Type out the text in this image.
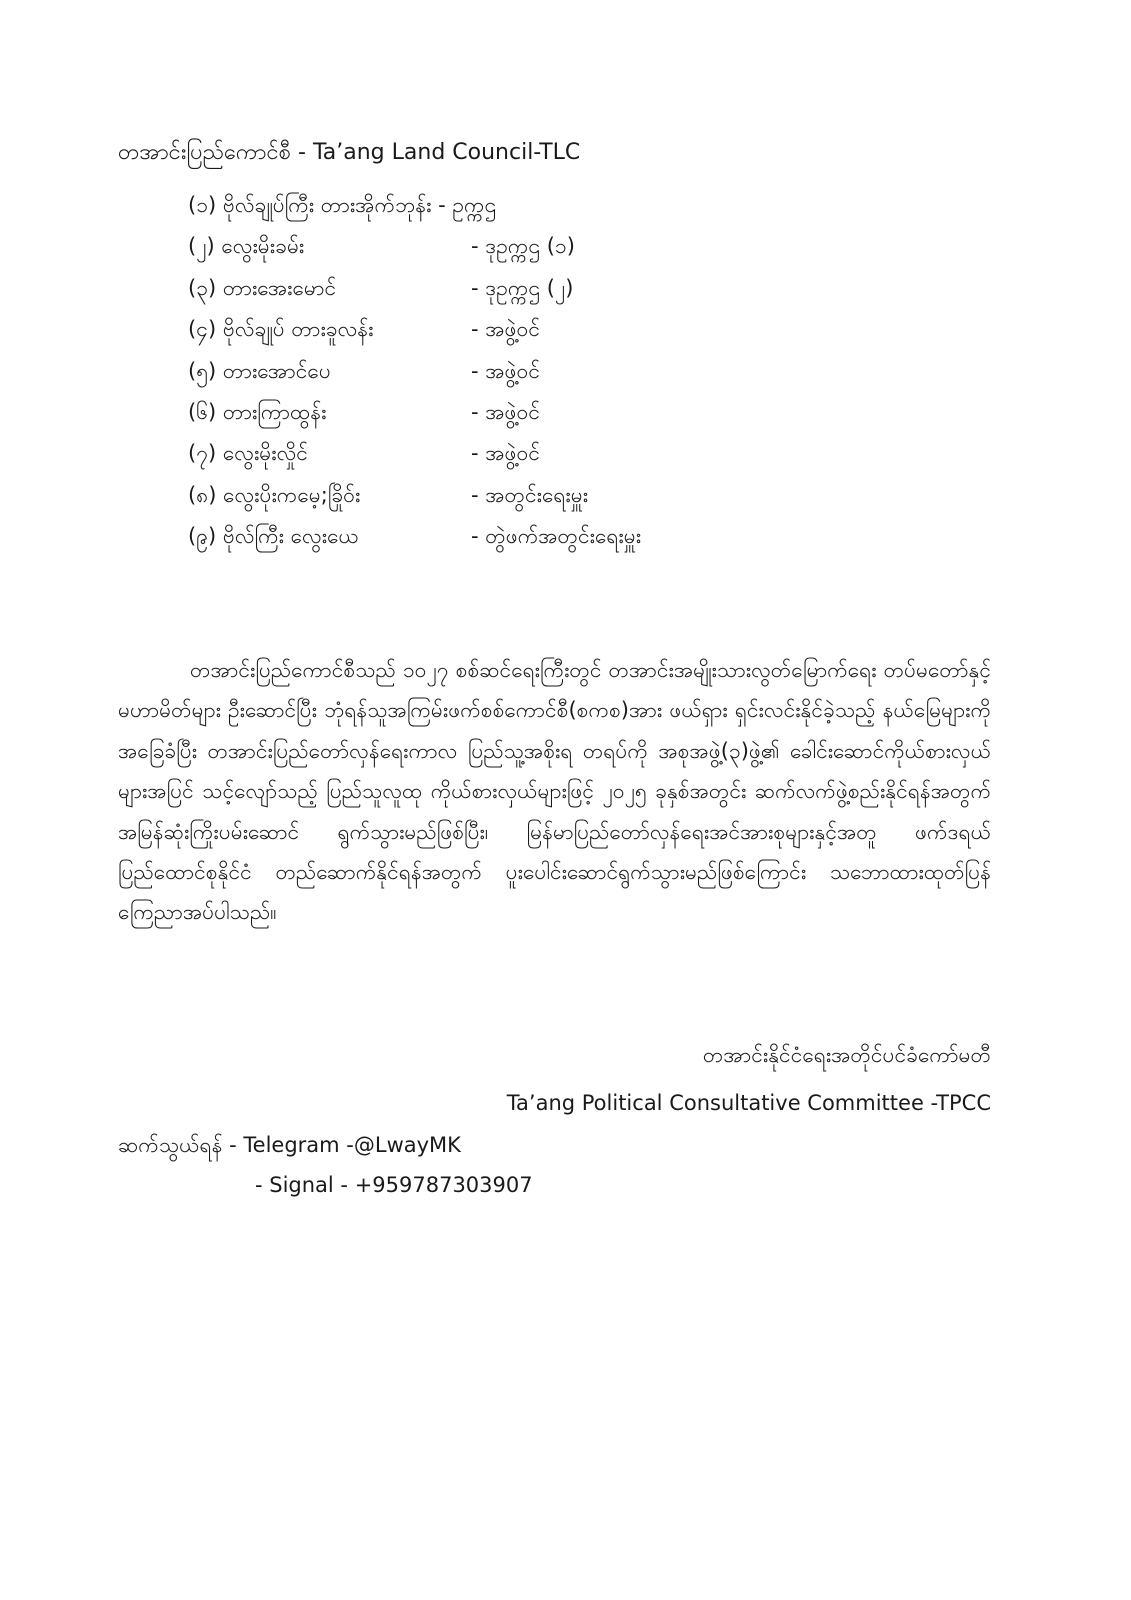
တအာင်းပြည်ကောင်စီ - Ta’ang Land Council-TLC
(၁) ဗိုလ်ချုပ်ကြီး တားအိုက်ဘုန်း - ဥက္ကဌ
(၂) လွေးမိုးခမ်း	- ဒုဥက္ကဌ (၁)
(၃) တားအေးမောင်	- ဒုဥက္ကဌ (၂)
(၄) ဗိုလ်ချုပ် တားခူလန်း	- အဖွဲ့ဝင်
(၅) တားအောင်ပေ	- အဖွဲ့ဝင်
(၆) တားကြာထွန်း	- အဖွဲ့ဝင်
(၇) လွေးမိုးလှိုင်	- အဖွဲ့ဝင်
(၈) လွေးပိုးကမေ့;ခြိုဝ်း	- အတွင်းရေးမှူး
(၉) ဗိုလ်ကြီး လွေးယေ	- တွဲဖက်အတွင်းရေးမှူး

တအာင်းပြည်ကောင်စီသည် ၁၀၂၇ စစ်ဆင်ရေးကြီးတွင် တအာင်းအမျိုးသားလွတ်မြောက်ရေး တပ်မတော်နှင့်မဟာမိတ်များ ဦးဆောင်ပြီး ဘုံရန်သူအကြမ်းဖက်စစ်ကောင်စီ(စကစ)အား ဖယ်ရှား ရှင်းလင်းနိုင်ခဲ့သည့် နယ်မြေများကိုအခြေခံပြီး တအာင်းပြည်တော်လှန်ရေးကာလ ပြည်သူ့အစိုးရ တရပ်ကို အစုအဖွဲ့(၃)ဖွဲ့၏ ခေါင်းဆောင်ကိုယ်စားလှယ်များအပြင် သင့်လျော်သည့် ပြည်သူလူထု ကိုယ်စားလှယ်များဖြင့် ၂၀၂၅ ခုနှစ်အတွင်း ဆက်လက်ဖွဲ့စည်းနိုင်ရန်အတွက် အမြန်ဆုံးကြိုးပမ်းဆောင် ရွက်သွားမည်ဖြစ်ပြီး၊ မြန်မာပြည်တော်လှန်ရေးအင်အားစုများနှင့်အတူ ဖက်ဒရယ်ပြည်ထောင်စုနိုင်ငံ တည်ဆောက်နိုင်ရန်အတွက် ပူးပေါင်းဆောင်ရွက်သွားမည်ဖြစ်ကြောင်း သဘောထားထုတ်ပြန် ကြေညာအပ်ပါသည်။

တအာင်းနိုင်ငံရေးအတိုင်ပင်ခံကော်မတီ
Ta’ang Political Consultative Committee -TPCC
ဆက်သွယ်ရန် - Telegram -@LwayMK
- Signal - +959787303907
